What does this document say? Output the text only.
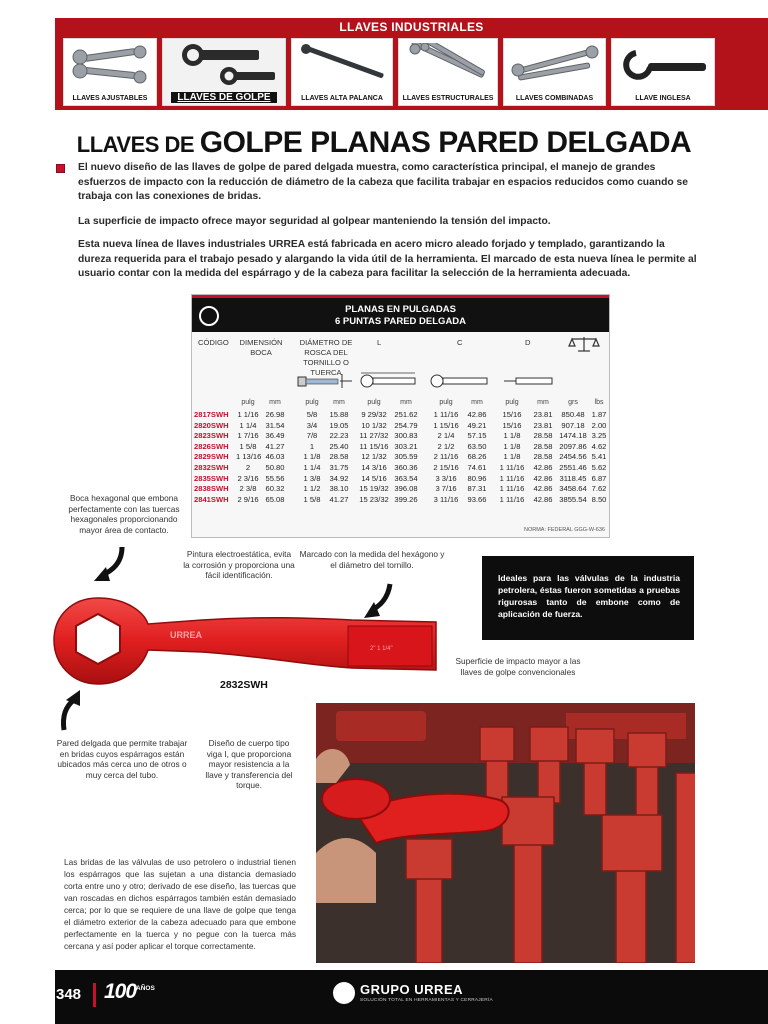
LLAVES INDUSTRIALES
LLAVES AJUSTABLES	LLAVES DE GOLPE	LLAVES ALTA PALANCA	LLAVES ESTRUCTURALES	LLAVES COMBINADAS	LLAVE INGLESA
LLAVES DE GOLPE PLANAS PARED DELGADA
El nuevo diseño de las llaves de golpe de pared delgada muestra, como característica principal, el manejo de grandes esfuerzos de impacto con la reducción de diámetro de la cabeza que facilita trabajar en espacios reducidos como cuando se trabaja con las conexiones de bridas.
La superficie de impacto ofrece mayor seguridad al golpear manteniendo la tensión del impacto.
Esta nueva línea de llaves industriales URREA está fabricada en acero micro aleado forjado y templado, garantizando la dureza requerida para el trabajo pesado y alargando la vida útil de la herramienta. El marcado de esta nueva línea le permite al usuario contar con la medida del espárrago y de la cabeza para facilitar la selección de la herramienta adecuada.
PLANAS EN PULGADAS
6 PUNTAS PARED DELGADA
CÓDIGO	DIMENSIÓN BOCA
DIÁMETRO DE ROSCA DEL TORNILLO O TUERCA
L	C	D
pulg	mm	pulg	mm	pulg	mm	pulg	mm	pulg	mm	grs	lbs
2817SWH	1 1/16 26.98	5/8	15.88	9 29/32	251.62	1 11/16	42.86	15/16	23.81	850.48 1.87
2820SWH	1 1/4	31.54	3/4	19.05	10 1/32	254.79	1 15/16	49.21	15/16	23.81	907.18 2.00
2823SWH	1 7/16 36.49	7/8	22.23	11 27/32 300.83	2 1/4	57.15	1 1/8	28.58 1474.18 3.25
2826SWH	1 5/8	41.27	1	25.40	11 15/16 303.21	2 1/2	63.50	1 1/8	28.58 2097.86 4.62
2829SWH 1 13/16 46.03	1 1/8	28.58	12 1/32	305.59	2 11/16	68.26	1 1/8	28.58 2454.56 5.41
2832SWH	2	50.80	1 1/4	31.75	14 3/16	360.36	2 15/16	74.61	1 11/16	42.86 2551.46 5.62
2835SWH	2 3/16 55.56	1 3/8	34.92	14 5/16	363.54	3 3/16	80.96	1 11/16	42.86 3118.45 6.87
2838SWH	2 3/8	60.32	1 1/2	38.10	15 19/32 396.08	3 7/16	87.31	1 11/16	42.86 3458.64 7.62
2841SWH	2 9/16 65.08	1 5/8	41.27	15 23/32 399.26	3 11/16	93.66	1 11/16	42.86 3855.54 8.50
NORMA: FEDERAL GGG-W-636
Boca hexagonal que embona perfectamente con las tuercas hexagonales proporcionando mayor área de contacto.
Pintura electroestática, evita la corrosión y proporciona una fácil identificación.
Marcado con la medida del hexágono y el diámetro del tornillo.
Superficie de impacto mayor a las llaves de golpe convencionales
Pared delgada que permite trabajar en bridas cuyos espárragos están ubicados más cerca uno de otros o muy cerca del tubo.
Diseño de cuerpo tipo viga I, que proporciona mayor resistencia a la llave y transferencia del torque.
Ideales para las válvulas de la industria petrolera, éstas fueron sometidas a pruebas rigurosas tanto de embone como de aplicación de fuerza.
URREA
2" 1 1/4"
2832SWH
Las bridas de las válvulas de uso petrolero o industrial tienen los espárragos que las sujetan a una distancia demasiado corta entre uno y otro; derivado de ese diseño, las tuercas que van roscadas en dichos espárragos también están demasiado cerca; por lo que se requiere de una llave de golpe que tenga el diámetro exterior de la cabeza adecuado para que embone perfectamente en la tuerca y no pegue con la tuerca más cercana y así poder aplicar el torque correctamente.
348 100 AÑOS	GRUPO URREA
SOLUCIÓN TOTAL EN HERRAMIENTAS Y CERRAJERÍA
